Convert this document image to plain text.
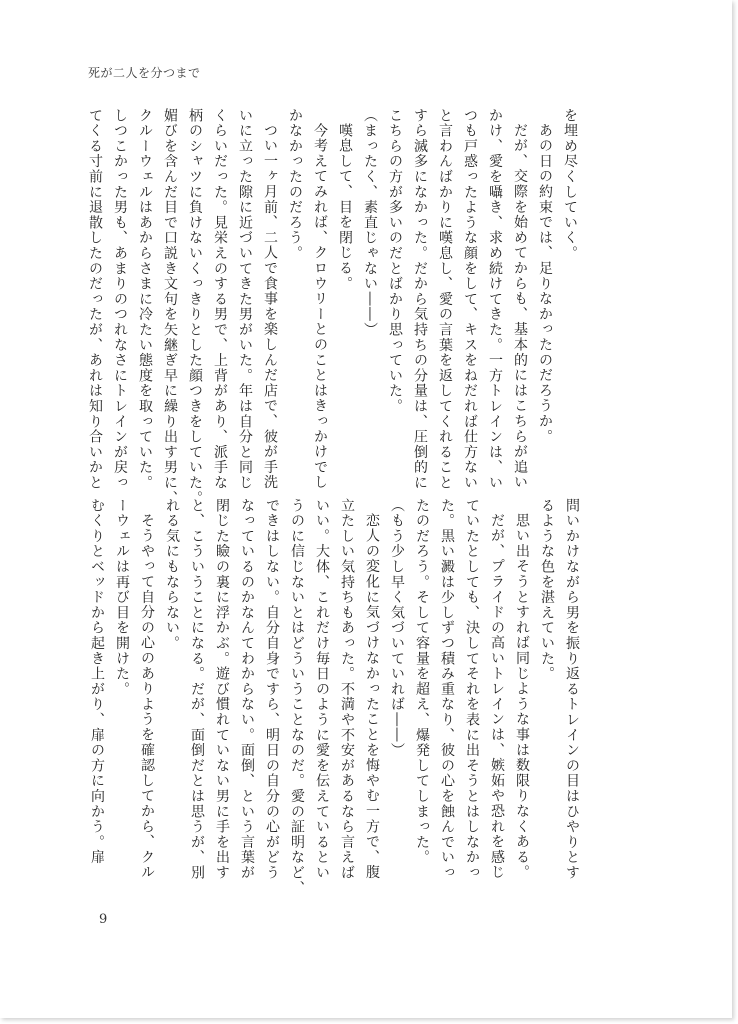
死が二人を分つまで
を埋め尽くしていく。
あの日の約束では、足りなかったのだろうか。
だが、交際を始めてからも、基本的にはこちらが追い
かけ、愛を囁き、求め続けてきた。一方トレインは、い
つも戸惑ったような顔をして、キスをねだれば仕方ない
と言わんばかりに嘆息し、愛の言葉を返してくれること
すら滅多になかった。だから気持ちの分量は、圧倒的に
こちらの方が多いのだとばかり思っていた。
（まったく、素直じゃない――）
嘆息して、目を閉じる。
今考えてみれば、クロウリーとのことはきっかけでし
かなかったのだろう。
つい一ヶ月前、二人で食事を楽しんだ店で、彼が手洗
いに立った隙に近づいてきた男がいた。年は自分と同じ
くらいだった。見栄えのする男で、上背があり、派手な
柄のシャツに負けないくっきりとした顔つきをしていた。
媚びを含んだ目で口説き文句を矢継ぎ早に繰り出す男に、
クルーウェルはあからさまに冷たい態度を取っていた。
しつこかった男も、あまりのつれなさにトレインが戻っ
てくる寸前に退散したのだったが、あれは知り合いかと
問いかけながら男を振り返るトレインの目はひやりとす
るような色を湛えていた。
思い出そうとすれば同じような事は数限りなくある。
だが、プライドの高いトレインは、嫉妬や恐れを感じ
ていたとしても、決してそれを表に出そうとはしなかっ
た。黒い澱は少しずつ積み重なり、彼の心を蝕んでいっ
たのだろう。そして容量を超え、爆発してしまった。
（もう少し早く気づいていれば――）
恋人の変化に気づけなかったことを悔やむ一方で、腹
立たしい気持ちもあった。不満や不安があるなら言えば
いい。大体、これだけ毎日のように愛を伝えているとい
うのに信じないとはどういうことなのだ。愛の証明など、
できはしない。自分自身ですら、明日の自分の心がどう
なっているのかなんてわからない。面倒、という言葉が
閉じた瞼の裏に浮かぶ。遊び慣れていない男に手を出す
と、こういうことになる。だが、面倒だとは思うが、別
れる気にもならない。
そうやって自分の心のありようを確認してから、クル
ーウェルは再び目を開けた。
むくりとベッドから起き上がり、扉の方に向かう。扉
9
